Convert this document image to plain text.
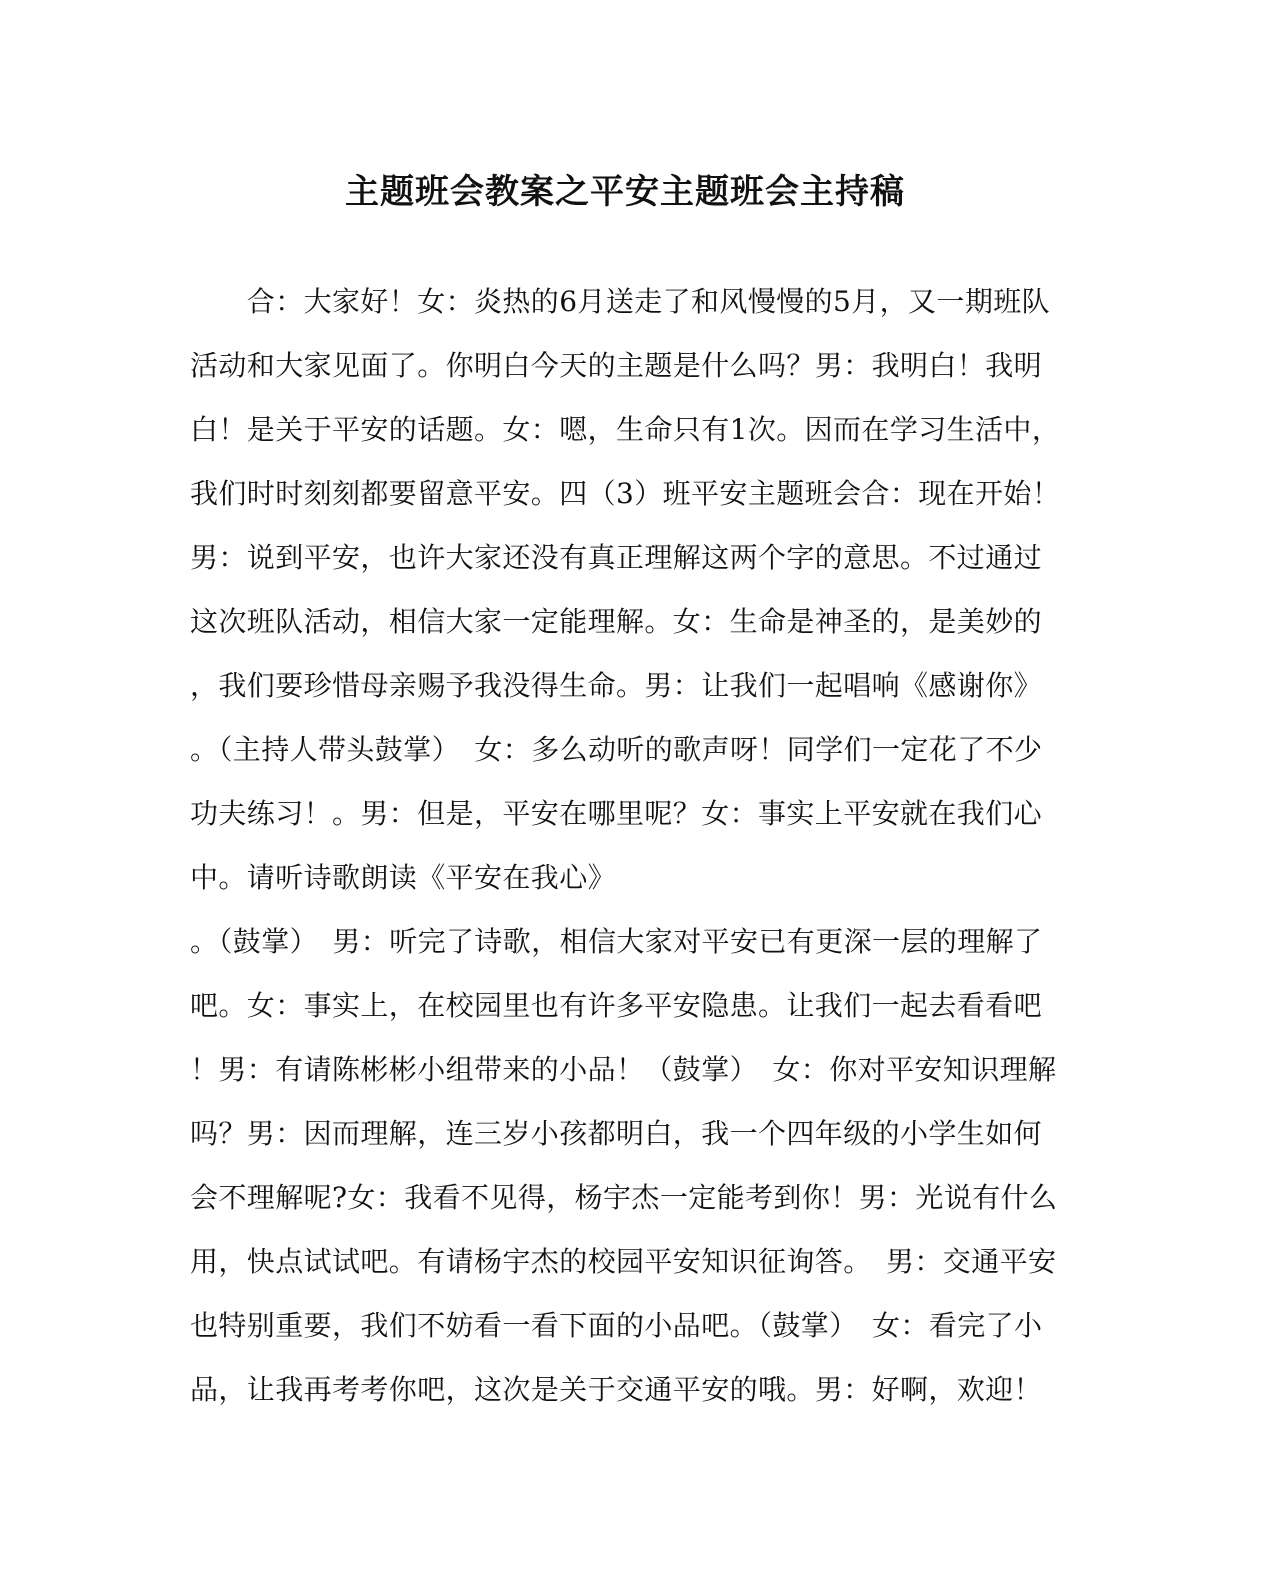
主题班会教案之平安主题班会主持稿
　　合：大家好！女：炎热的6月送走了和风慢慢的5月，又一期班队
活动和大家见面了。你明白今天的主题是什么吗？男：我明白！我明
白！是关于平安的话题。女：嗯，生命只有1次。因而在学习生活中，
我们时时刻刻都要留意平安。四（3）班平安主题班会合：现在开始！
男：说到平安，也许大家还没有真正理解这两个字的意思。不过通过
这次班队活动，相信大家一定能理解。女：生命是神圣的，是美妙的
，我们要珍惜母亲赐予我没得生命。男：让我们一起唱响《感谢你》
。（主持人带头鼓掌）　女：多么动听的歌声呀！同学们一定花了不少
功夫练习！。男：但是，平安在哪里呢？女：事实上平安就在我们心
中。请听诗歌朗读《平安在我心》
。（鼓掌）　男：听完了诗歌，相信大家对平安已有更深一层的理解了
吧。女：事实上，在校园里也有许多平安隐患。让我们一起去看看吧
！男：有请陈彬彬小组带来的小品！（鼓掌）　女：你对平安知识理解
吗？男：因而理解，连三岁小孩都明白，我一个四年级的小学生如何
会不理解呢?女：我看不见得，杨宇杰一定能考到你！男：光说有什么
用，快点试试吧。有请杨宇杰的校园平安知识征询答。　男：交通平安
也特别重要，我们不妨看一看下面的小品吧。（鼓掌）　女：看完了小
品，让我再考考你吧，这次是关于交通平安的哦。男：好啊，欢迎！
